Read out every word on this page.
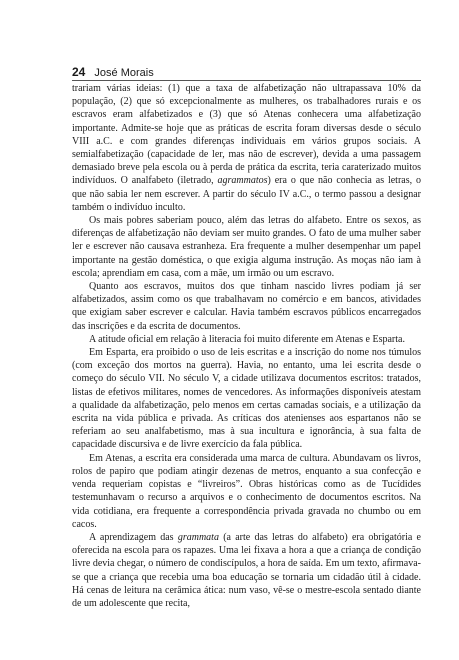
24 José Morais

trariam várias ideias: (1) que a taxa de alfabetização não ultrapassava 10% da população, (2) que só excepcionalmente as mulheres, os trabalhadores rurais e os escravos eram alfabetizados e (3) que só Atenas conhecera uma alfabetização importante. Admite-se hoje que as práticas de escrita foram diversas desde o século VIII a.C. e com grandes diferenças individuais em vários grupos sociais. A semialfabetização (capacidade de ler, mas não de escrever), devida a uma passagem demasiado breve pela escola ou à perda de prática da escrita, teria caraterizado muitos indivíduos. O analfabeto (iletrado, agrammatos) era o que não conhecia as letras, o que não sabia ler nem escrever. A partir do século IV a.C., o termo passou a designar também o indivíduo inculto.

Os mais pobres saberiam pouco, além das letras do alfabeto. Entre os sexos, as diferenças de alfabetização não deviam ser muito grandes. O fato de uma mulher saber ler e escrever não causava estranheza. Era frequente a mulher desempenhar um papel importante na gestão doméstica, o que exigia alguma instrução. As moças não iam à escola; aprendiam em casa, com a mãe, um irmão ou um escravo.

Quanto aos escravos, muitos dos que tinham nascido livres podiam já ser alfabetizados, assim como os que trabalhavam no comércio e em bancos, atividades que exigiam saber escrever e calcular. Havia também escravos públicos encarregados das inscrições e da escrita de documentos.

A atitude oficial em relação à literacia foi muito diferente em Atenas e Esparta.

Em Esparta, era proibido o uso de leis escritas e a inscrição do nome nos túmulos (com exceção dos mortos na guerra). Havia, no entanto, uma lei escrita desde o começo do século VII. No século V, a cidade utilizava documentos escritos: tratados, listas de efetivos militares, nomes de vencedores. As informações disponíveis atestam a qualidade da alfabetização, pelo menos em certas camadas sociais, e a utilização da escrita na vida pública e privada. As críticas dos atenienses aos espartanos não se referiam ao seu analfabetismo, mas à sua incultura e ignorância, à sua falta de capacidade discursiva e de livre exercício da fala pública.

Em Atenas, a escrita era considerada uma marca de cultura. Abundavam os livros, rolos de papiro que podiam atingir dezenas de metros, enquanto a sua confecção e venda requeriam copistas e “livreiros”. Obras históricas como as de Tucídides testemunhavam o recurso a arquivos e o conhecimento de documentos escritos. Na vida cotidiana, era frequente a correspondência privada gravada no chumbo ou em cacos.

A aprendizagem das grammata (a arte das letras do alfabeto) era obrigatória e oferecida na escola para os rapazes. Uma lei fixava a hora a que a criança de condição livre devia chegar, o número de condiscípulos, a hora de saída. Em um texto, afirmava-se que a criança que recebia uma boa educação se tornaria um cidadão útil à cidade. Há cenas de leitura na cerâmica ática: num vaso, vê-se o mestre-escola sentado diante de um adolescente que recita,
